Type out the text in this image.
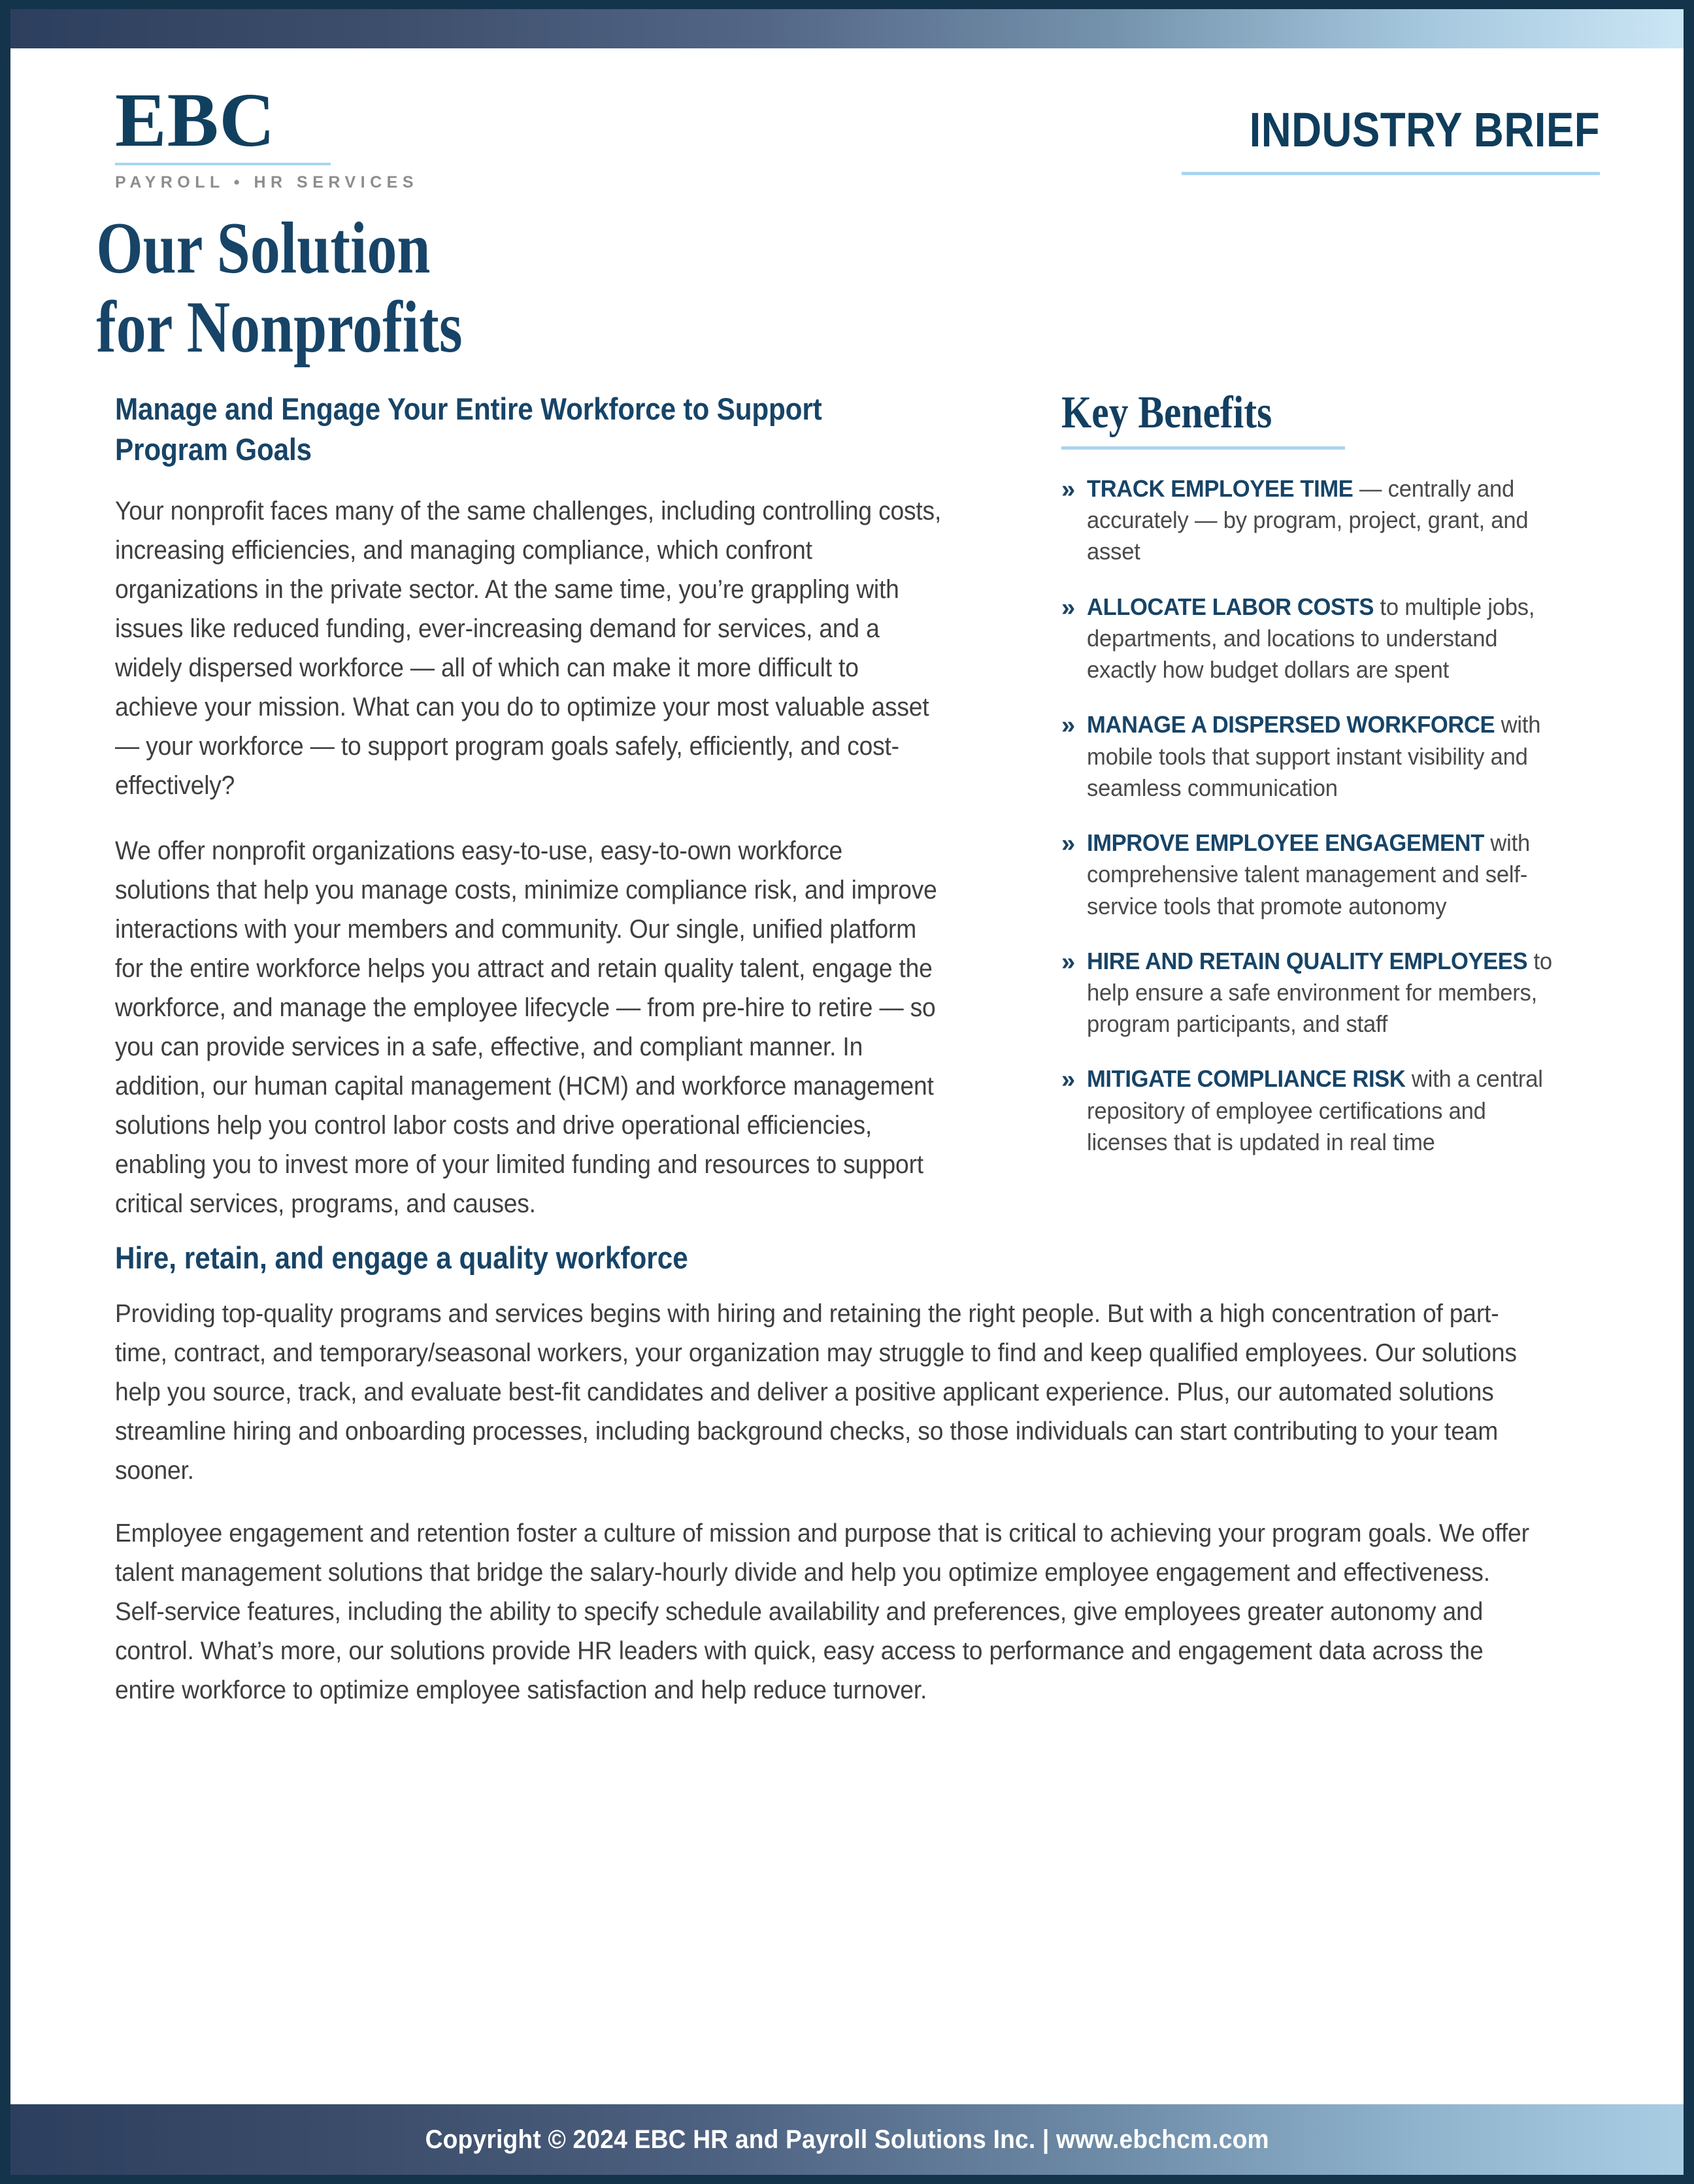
EBC
PAYROLL • HR SERVICES
INDUSTRY BRIEF
Our Solution
for Nonprofits
Manage and Engage Your Entire Workforce to Support Program Goals

Your nonprofit faces many of the same challenges, including controlling costs, increasing efficiencies, and managing compliance, which confront organizations in the private sector. At the same time, you’re grappling with issues like reduced funding, ever-increasing demand for services, and a widely dispersed workforce — all of which can make it more difficult to achieve your mission. What can you do to optimize your most valuable asset — your workforce — to support program goals safely, efficiently, and cost-effectively?

We offer nonprofit organizations easy-to-use, easy-to-own workforce solutions that help you manage costs, minimize compliance risk, and improve interactions with your members and community. Our single, unified platform for the entire workforce helps you attract and retain quality talent, engage the workforce, and manage the employee lifecycle — from pre-hire to retire — so you can provide services in a safe, effective, and compliant manner. In addition, our human capital management (HCM) and workforce management solutions help you control labor costs and drive operational efficiencies, enabling you to invest more of your limited funding and resources to support critical services, programs, and causes.

Key Benefits
» TRACK EMPLOYEE TIME — centrally and accurately — by program, project, grant, and asset
» ALLOCATE LABOR COSTS to multiple jobs, departments, and locations to understand exactly how budget dollars are spent
» MANAGE A DISPERSED WORKFORCE with mobile tools that support instant visibility and seamless communication
» IMPROVE EMPLOYEE ENGAGEMENT with comprehensive talent management and self-service tools that promote autonomy
» HIRE AND RETAIN QUALITY EMPLOYEES to help ensure a safe environment for members, program participants, and staff
» MITIGATE COMPLIANCE RISK with a central repository of employee certifications and licenses that is updated in real time
Hire, retain, and engage a quality workforce

Providing top-quality programs and services begins with hiring and retaining the right people. But with a high concentration of part-time, contract, and temporary/seasonal workers, your organization may struggle to find and keep qualified employees. Our solutions help you source, track, and evaluate best-fit candidates and deliver a positive applicant experience. Plus, our automated solutions streamline hiring and onboarding processes, including background checks, so those individuals can start contributing to your team sooner.

Employee engagement and retention foster a culture of mission and purpose that is critical to achieving your program goals. We offer talent management solutions that bridge the salary-hourly divide and help you optimize employee engagement and effectiveness. Self-service features, including the ability to specify schedule availability and preferences, give employees greater autonomy and control. What’s more, our solutions provide HR leaders with quick, easy access to performance and engagement data across the entire workforce to optimize employee satisfaction and help reduce turnover.

Copyright © 2024 EBC HR and Payroll Solutions Inc. | www.ebchcm.com
